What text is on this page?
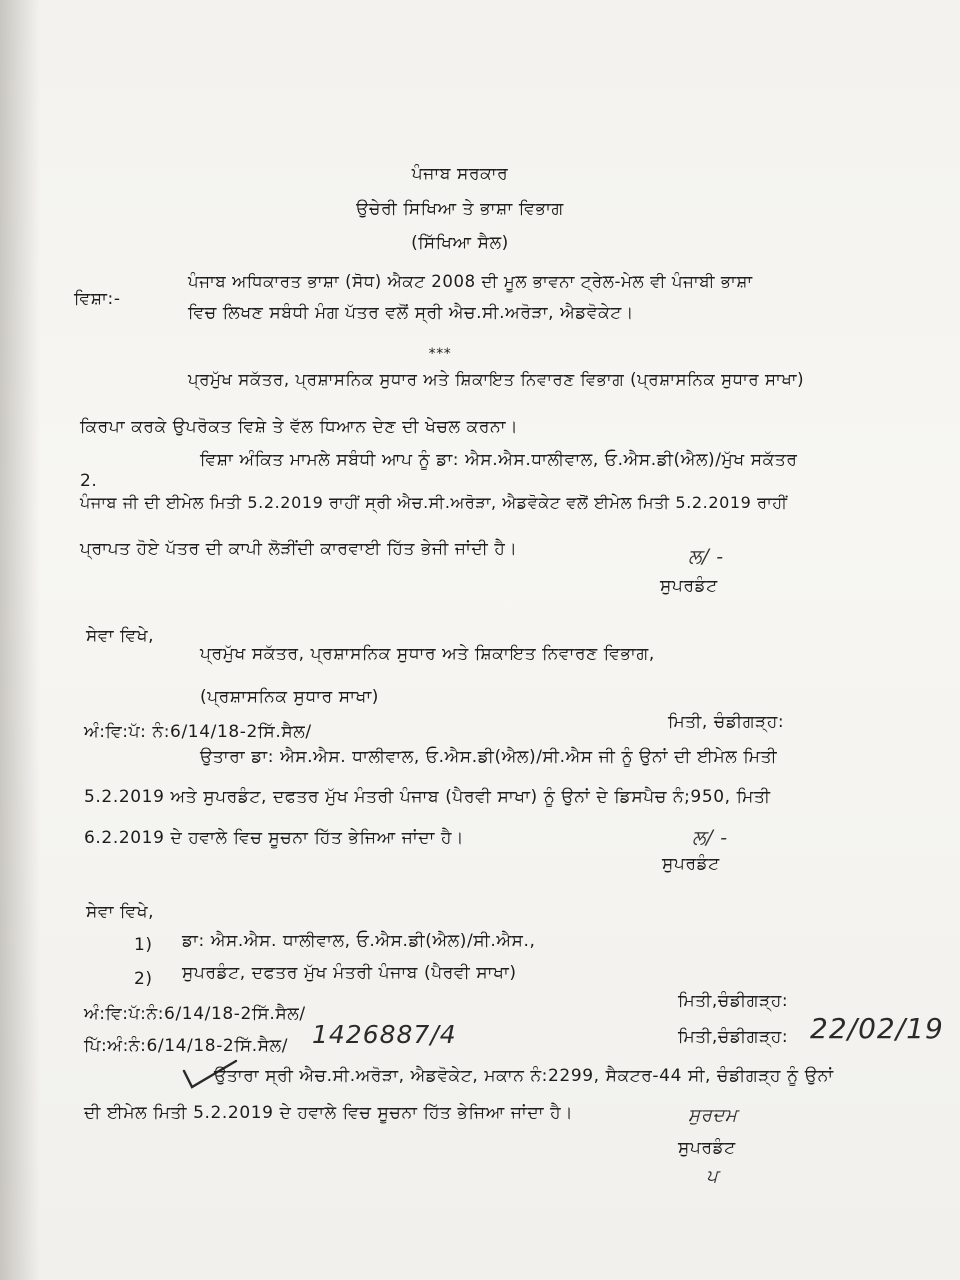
ਪੰਜਾਬ ਸਰਕਾਰ
ਉਚੇਰੀ ਸਿਖਿਆ ਤੇ ਭਾਸ਼ਾ ਵਿਭਾਗ
(ਸਿੱਖਿਆ ਸੈਲ)
ਵਿਸ਼ਾ:-
ਪੰਜਾਬ ਅਧਿਕਾਰਤ ਭਾਸ਼ਾ (ਸੋਧ) ਐਕਟ 2008 ਦੀ ਮੂਲ ਭਾਵਨਾ ਟ੍ਰੇਲ-ਮੇਲ ਵੀ ਪੰਜਾਬੀ ਭਾਸ਼ਾ
ਵਿਚ ਲਿਖਣ ਸਬੰਧੀ ਮੰਗ ਪੱਤਰ ਵਲੋਂ ਸ੍ਰੀ ਐਚ.ਸੀ.ਅਰੋੜਾ, ਐਡਵੋਕੇਟ।
***
ਪ੍ਰਮੁੱਖ ਸਕੱਤਰ, ਪ੍ਰਸ਼ਾਸਨਿਕ ਸੁਧਾਰ ਅਤੇ ਸ਼ਿਕਾਇਤ ਨਿਵਾਰਣ ਵਿਭਾਗ (ਪ੍ਰਸ਼ਾਸਨਿਕ ਸੁਧਾਰ ਸਾਖਾ)
ਕਿਰਪਾ ਕਰਕੇ ਉਪਰੋਕਤ ਵਿਸ਼ੇ ਤੇ ਵੱਲ ਧਿਆਨ ਦੇਣ ਦੀ ਖੇਚਲ ਕਰਨਾ।
2.
ਵਿਸ਼ਾ ਅੰਕਿਤ ਮਾਮਲੇ ਸਬੰਧੀ ਆਪ ਨੂੰ ਡਾ: ਐਸ.ਐਸ.ਧਾਲੀਵਾਲ, ਓ.ਐਸ.ਡੀ(ਐਲ)/ਮੁੱਖ ਸਕੱਤਰ
ਪੰਜਾਬ ਜੀ ਦੀ ਈਮੇਲ ਮਿਤੀ 5.2.2019 ਰਾਹੀਂ ਸ੍ਰੀ ਐਚ.ਸੀ.ਅਰੋੜਾ, ਐਡਵੋਕੇਟ ਵਲੋਂ ਈਮੇਲ ਮਿਤੀ 5.2.2019 ਰਾਹੀਂ
ਪ੍ਰਾਪਤ ਹੋਏ ਪੱਤਰ ਦੀ ਕਾਪੀ ਲੋੜੀਂਦੀ ਕਾਰਵਾਈ ਹਿੱਤ ਭੇਜੀ ਜਾਂਦੀ ਹੈ।	ਲ/ -
ਸੁਪਰਡੰਟ
ਸੇਵਾ ਵਿਖੇ,
ਪ੍ਰਮੁੱਖ ਸਕੱਤਰ, ਪ੍ਰਸ਼ਾਸਨਿਕ ਸੁਧਾਰ ਅਤੇ ਸ਼ਿਕਾਇਤ ਨਿਵਾਰਣ ਵਿਭਾਗ,
(ਪ੍ਰਸ਼ਾਸਨਿਕ ਸੁਧਾਰ ਸਾਖਾ)
ਅੰ:ਵਿ:ਪੱ: ਨੰ:6/14/18-2ਸਿੱ.ਸੈਲ/	ਮਿਤੀ, ਚੰਡੀਗੜ੍ਹ:
ਉਤਾਰਾ ਡਾ: ਐਸ.ਐਸ. ਧਾਲੀਵਾਲ, ਓ.ਐਸ.ਡੀ(ਐਲ)/ਸੀ.ਐਸ ਜੀ ਨੂੰ ਉਨਾਂ ਦੀ ਈਮੇਲ ਮਿਤੀ
5.2.2019 ਅਤੇ ਸੁਪਰਡੰਟ, ਦਫਤਰ ਮੁੱਖ ਮੰਤਰੀ ਪੰਜਾਬ (ਪੈਰਵੀ ਸਾਖਾ) ਨੂੰ ਉਨਾਂ ਦੇ ਡਿਸਪੈਚ ਨੰ;950, ਮਿਤੀ
6.2.2019 ਦੇ ਹਵਾਲੇ ਵਿਚ ਸੂਚਨਾ ਹਿੱਤ ਭੇਜਿਆ ਜਾਂਦਾ ਹੈ।	ਲ/ -
ਸੁਪਰਡੰਟ
ਸੇਵਾ ਵਿਖੇ,
1) ਡਾ: ਐਸ.ਐਸ. ਧਾਲੀਵਾਲ, ਓ.ਐਸ.ਡੀ(ਐਲ)/ਸੀ.ਐਸ.,
2) ਸੁਪਰਡੰਟ, ਦਫਤਰ ਮੁੱਖ ਮੰਤਰੀ ਪੰਜਾਬ (ਪੈਰਵੀ ਸਾਖਾ)
ਅੰ:ਵਿ:ਪੱ:ਨੰ:6/14/18-2ਸਿੱ.ਸੈਲ/
ਮਿਤੀ,ਚੰਡੀਗੜ੍ਹ:
ਪਿੱ:ਅੰ:ਨੰ:6/14/18-2ਸਿੱ.ਸੈਲ/ 1426887/4	ਮਿਤੀ,ਚੰਡੀਗੜ੍ਹ: 22/02/19
ਉਤਾਰਾ ਸ੍ਰੀ ਐਚ.ਸੀ.ਅਰੋੜਾ, ਐਡਵੋਕੇਟ, ਮਕਾਨ ਨੰ:2299, ਸੈਕਟਰ-44 ਸੀ, ਚੰਡੀਗੜ੍ਹ ਨੂੰ ਉਨਾਂ
ਦੀ ਈਮੇਲ ਮਿਤੀ 5.2.2019 ਦੇ ਹਵਾਲੇ ਵਿਚ ਸੂਚਨਾ ਹਿੱਤ ਭੇਜਿਆ ਜਾਂਦਾ ਹੈ।	ਸੁਰਦਮ
ਸੁਪਰਡੰਟ
ਪ
